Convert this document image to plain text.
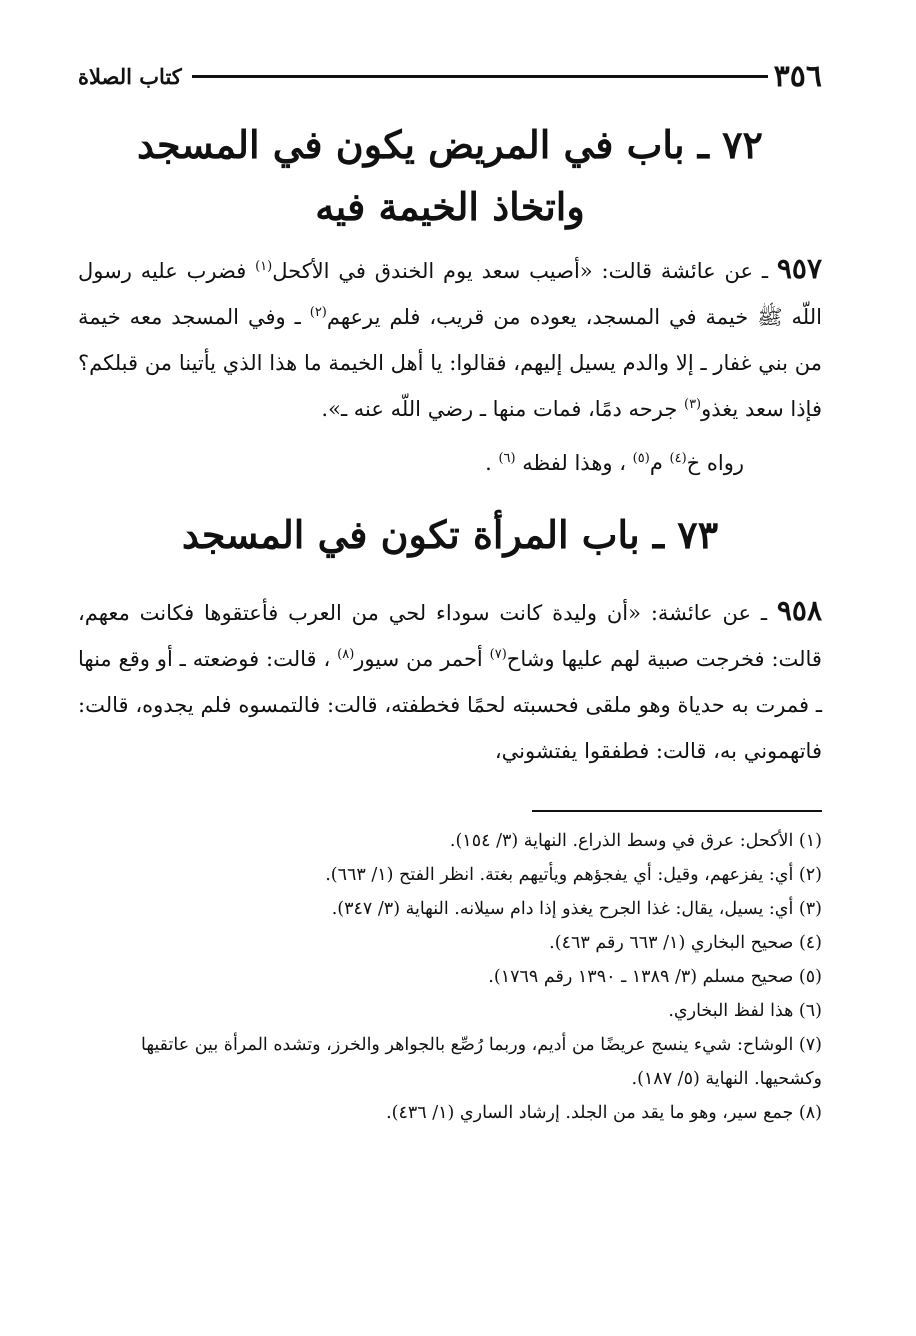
٣٥٦
كتاب الصلاة
٧٢ ـ باب في المريض يكون في المسجد
واتخاذ الخيمة فيه

٩٥٧ ـ عن عائشة قالت: «أصيب سعد يوم الخندق في الأكحل$^{(١)}$ فضرب عليه رسول اللّه ﷺ خيمة في المسجد، يعوده من قريب، فلم يرعهم$^{(٢)}$ ـ وفي المسجد معه خيمة من بني غفار ـ إلا والدم يسيل إليهم، فقالوا: يا أهل الخيمة ما هذا الذي يأتينا من قبلكم؟ فإذا سعد يغذو$^{(٣)}$ جرحه دمًا، فمات منها ـ رضي اللّه عنه ـ».

رواه خ$^{(٤)}$ م$^{(٥)}$ ، وهذا لفظه $^{(٦)}$ .

٧٣ ـ باب المرأة تكون في المسجد

٩٥٨ ـ عن عائشة: «أن وليدة كانت سوداء لحي من العرب فأعتقوها فكانت معهم، قالت: فخرجت صبية لهم عليها وشاح$^{(٧)}$ أحمر من سيور$^{(٨)}$ ، قالت: فوضعته ـ أو وقع منها ـ فمرت به حدياة وهو ملقى فحسبته لحمًا فخطفته، قالت: فالتمسوه فلم يجدوه، قالت: فاتهموني به، قالت: فطفقوا يفتشوني،

(١) الأكحل: عرق في وسط الذراع. النهاية (٣/ ١٥٤).
(٢) أي: يفزعهم، وقيل: أي يفجؤهم ويأتيهم بغتة. انظر الفتح (١/ ٦٦٣).
(٣) أي: يسيل، يقال: غذا الجرح يغذو إذا دام سيلانه. النهاية (٣/ ٣٤٧).
(٤) صحيح البخاري (١/ ٦٦٣ رقم ٤٦٣).
(٥) صحيح مسلم (٣/ ١٣٨٩ ـ ١٣٩٠ رقم ١٧٦٩).
(٦) هذا لفظ البخاري.
(٧) الوشاح: شيء ينسج عريضًا من أديم، وربما رُصِّع بالجواهر والخرز، وتشده المرأة بين عاتقيها وكشحيها. النهاية (٥/ ١٨٧).
(٨) جمع سير، وهو ما يقد من الجلد. إرشاد الساري (١/ ٤٣٦).
